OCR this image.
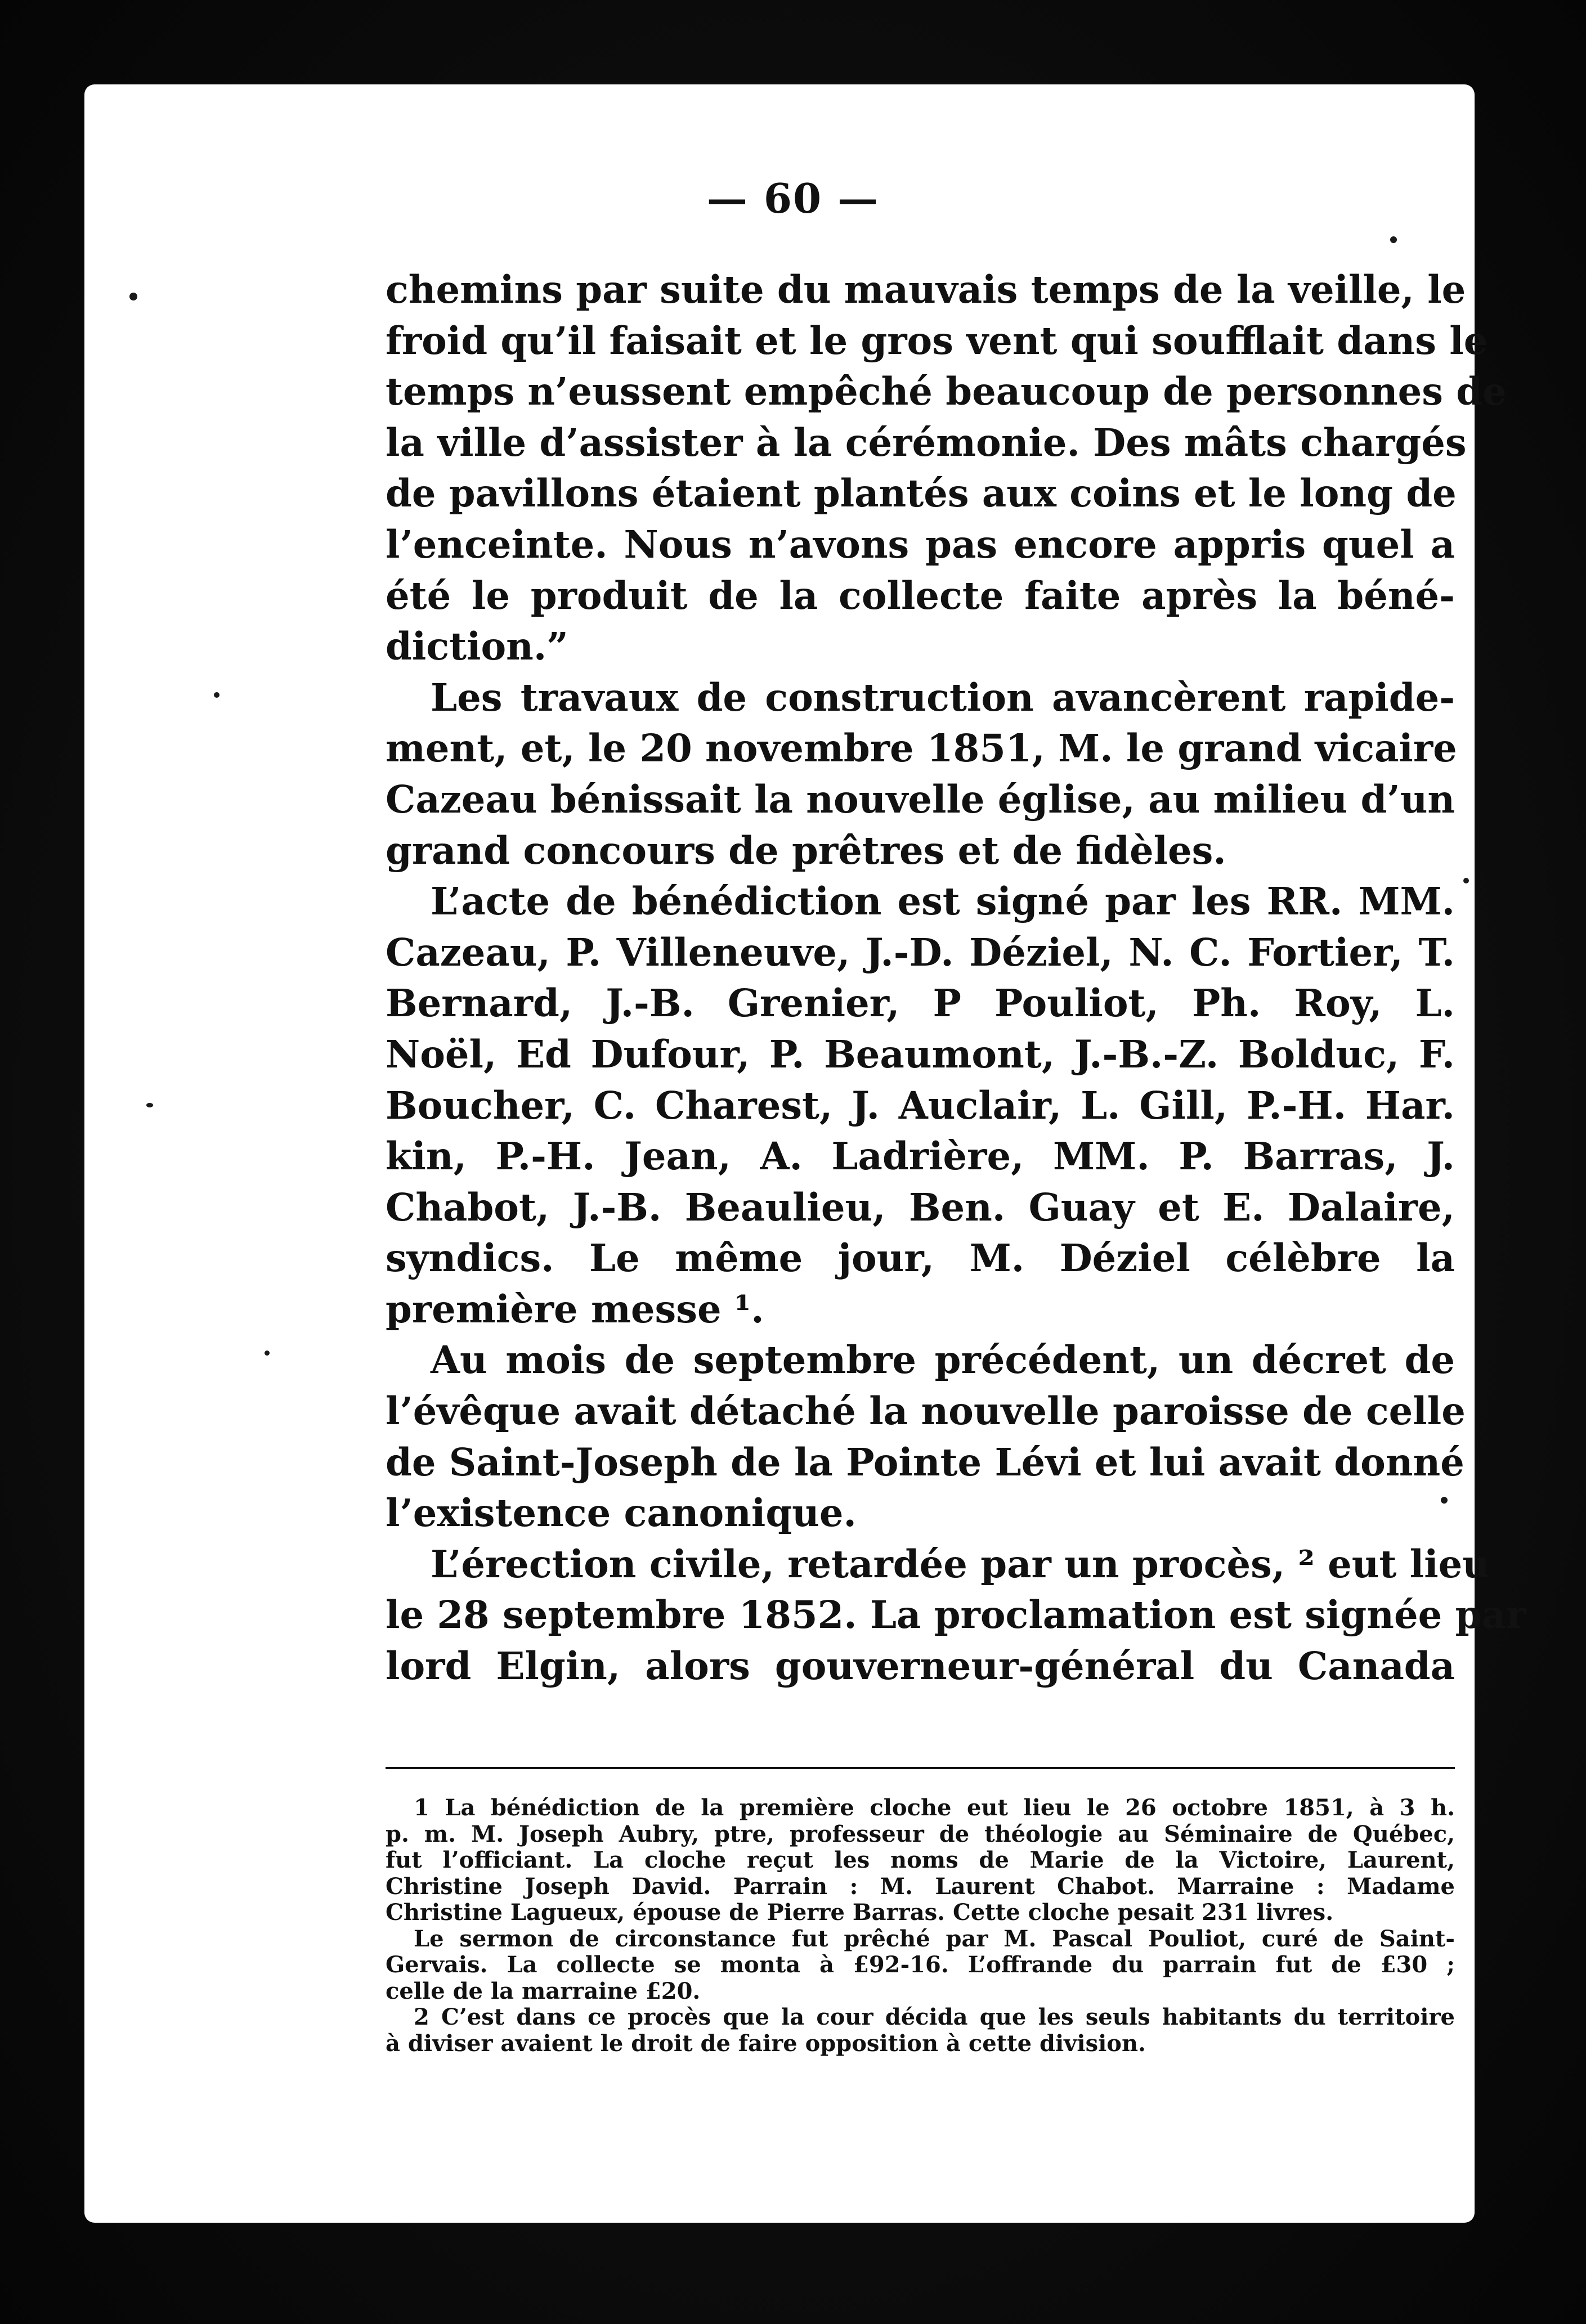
— 60 —
chemins par suite du mauvais temps de la veille, le
froid qu’il faisait et le gros vent qui soufflait dans le
temps n’eussent empêché beaucoup de personnes de
la ville d’assister à la cérémonie. Des mâts chargés
de pavillons étaient plantés aux coins et le long de
l’enceinte. Nous n’avons pas encore appris quel a
été le produit de la collecte faite après la béné-
diction.”
Les travaux de construction avancèrent rapide-
ment, et, le 20 novembre 1851, M. le grand vicaire
Cazeau bénissait la nouvelle église, au milieu d’un
grand concours de prêtres et de fidèles.
L’acte de bénédiction est signé par les RR. MM.
Cazeau, P. Villeneuve, J.-D. Déziel, N. C. Fortier, T.
Bernard, J.-B. Grenier, P Pouliot, Ph. Roy, L.
Noël, Ed Dufour, P. Beaumont, J.-B.-Z. Bolduc, F.
Boucher, C. Charest, J. Auclair, L. Gill, P.-H. Har.
kin, P.-H. Jean, A. Ladrière, MM. P. Barras, J.
Chabot, J.-B. Beaulieu, Ben. Guay et E. Dalaire,
syndics. Le même jour, M. Déziel célèbre la
première messe ¹.
Au mois de septembre précédent, un décret de
l’évêque avait détaché la nouvelle paroisse de celle
de Saint-Joseph de la Pointe Lévi et lui avait donné
l’existence canonique.
L’érection civile, retardée par un procès, ² eut lieu
le 28 septembre 1852. La proclamation est signée par
lord Elgin, alors gouverneur-général du Canada
1 La bénédiction de la première cloche eut lieu le 26 octobre 1851, à 3 h.
p. m. M. Joseph Aubry, ptre, professeur de théologie au Séminaire de Québec,
fut l’officiant. La cloche reçut les noms de Marie de la Victoire, Laurent,
Christine Joseph David. Parrain : M. Laurent Chabot. Marraine : Madame
Christine Lagueux, épouse de Pierre Barras. Cette cloche pesait 231 livres.
Le sermon de circonstance fut prêché par M. Pascal Pouliot, curé de Saint-
Gervais. La collecte se monta à £92-16. L’offrande du parrain fut de £30 ;
celle de la marraine £20.
2 C’est dans ce procès que la cour décida que les seuls habitants du territoire
à diviser avaient le droit de faire opposition à cette division.
